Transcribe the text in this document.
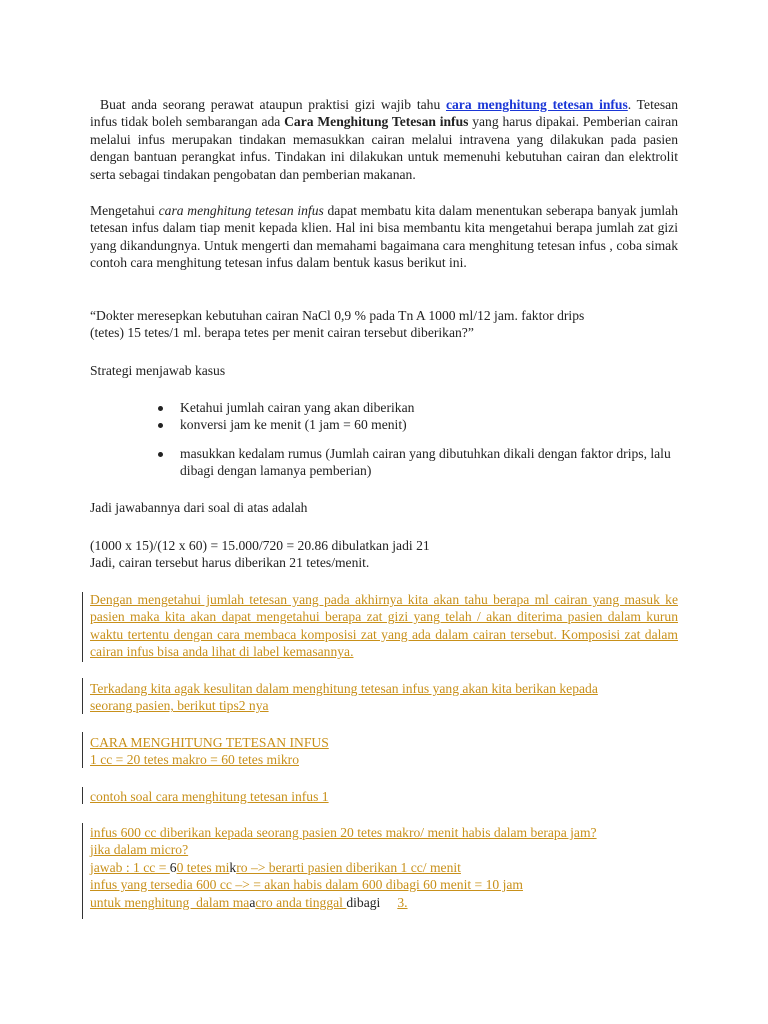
Buat anda seorang perawat ataupun praktisi gizi wajib tahu cara menghitung tetesan infus. Tetesan infus tidak boleh sembarangan ada Cara Menghitung Tetesan infus yang harus dipakai. Pemberian cairan melalui infus merupakan tindakan memasukkan cairan melalui intravena yang dilakukan pada pasien dengan bantuan perangkat infus. Tindakan ini dilakukan untuk memenuhi kebutuhan cairan dan elektrolit serta sebagai tindakan pengobatan dan pemberian makanan.

Mengetahui cara menghitung tetesan infus dapat membatu kita dalam menentukan seberapa banyak jumlah tetesan infus dalam tiap menit kepada klien. Hal ini bisa membantu kita mengetahui berapa jumlah zat gizi yang dikandungnya. Untuk mengerti dan memahami bagaimana cara menghitung tetesan infus , coba simak contoh cara menghitung tetesan infus dalam bentuk kasus berikut ini.

“Dokter meresepkan kebutuhan cairan NaCl 0,9 % pada Tn A 1000 ml/12 jam. faktor drips
(tetes) 15 tetes/1 ml. berapa tetes per menit cairan tersebut diberikan?”
Strategi menjawab kasus
Ketahui jumlah cairan yang akan diberikan
konversi jam ke menit (1 jam = 60 menit)
masukkan kedalam rumus (Jumlah cairan yang dibutuhkan dikali dengan faktor drips, lalu dibagi dengan lamanya pemberian)
Jadi jawabannya dari soal di atas adalah
(1000 x 15)/(12 x 60) = 15.000/720 = 20.86 dibulatkan jadi 21
Jadi, cairan tersebut harus diberikan 21 tetes/menit.

Dengan mengetahui jumlah tetesan yang pada akhirnya kita akan tahu berapa ml cairan yang masuk ke pasien maka kita akan dapat mengetahui berapa zat gizi yang telah / akan diterima pasien dalam kurun waktu tertentu dengan cara membaca komposisi zat yang ada dalam cairan tersebut. Komposisi zat dalam cairan infus bisa anda lihat di label kemasannya.

Terkadang kita agak kesulitan dalam menghitung tetesan infus yang akan kita berikan kepada
seorang pasien, berikut tips2 nya
CARA MENGHITUNG TETESAN INFUS
1 cc = 20 tetes makro = 60 tetes mikro
contoh soal cara menghitung tetesan infus 1
infus 600 cc diberikan kepada seorang pasien 20 tetes makro/ menit habis dalam berapa jam?
jika dalam micro?
jawab : 1 cc = 60 tetes mikro –> berarti pasien diberikan 1 cc/ menit
infus yang tersedia 600 cc –> = akan habis dalam 600 dibagi 60 menit = 10 jam
untuk menghitung  dalam maacro anda tinggal dibagi 3.
